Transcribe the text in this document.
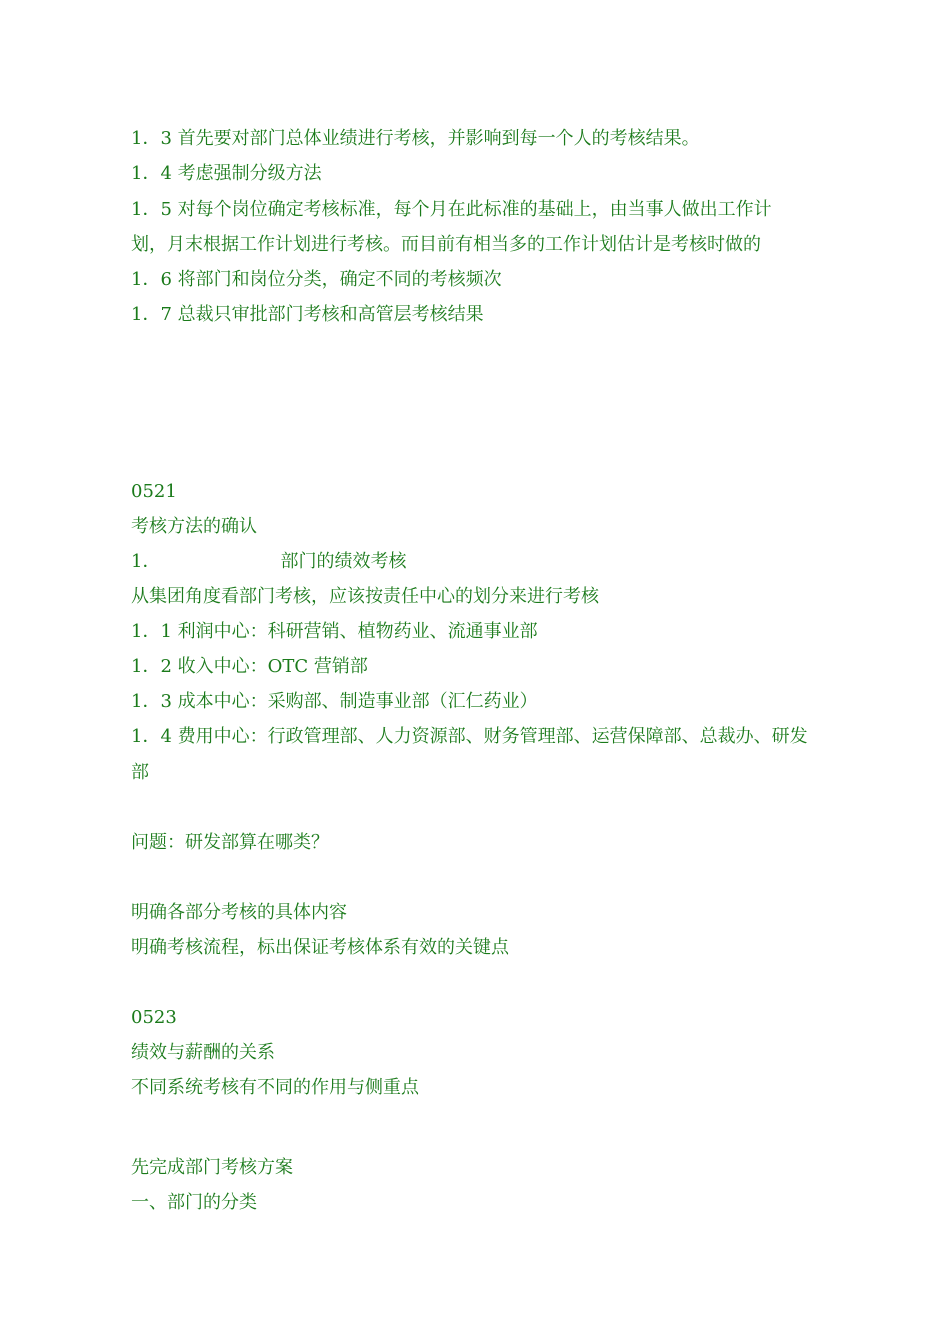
1．3 首先要对部门总体业绩进行考核，并影响到每一个人的考核结果。
1．4 考虑强制分级方法
1．5 对每个岗位确定考核标准，每个月在此标准的基础上，由当事人做出工作计
划，月末根据工作计划进行考核。而目前有相当多的工作计划估计是考核时做的
1．6 将部门和岗位分类，确定不同的考核频次
1．7 总裁只审批部门考核和高管层考核结果
0521
考核方法的确认
1．	部门的绩效考核
从集团角度看部门考核，应该按责任中心的划分来进行考核
1．1 利润中心：科研营销、植物药业、流通事业部
1．2 收入中心：OTC 营销部
1．3 成本中心：采购部、制造事业部（汇仁药业）
1．4 费用中心：行政管理部、人力资源部、财务管理部、运营保障部、总裁办、研发
部
问题：研发部算在哪类？
明确各部分考核的具体内容
明确考核流程，标出保证考核体系有效的关键点
0523
绩效与薪酬的关系
不同系统考核有不同的作用与侧重点
先完成部门考核方案
一、部门的分类
